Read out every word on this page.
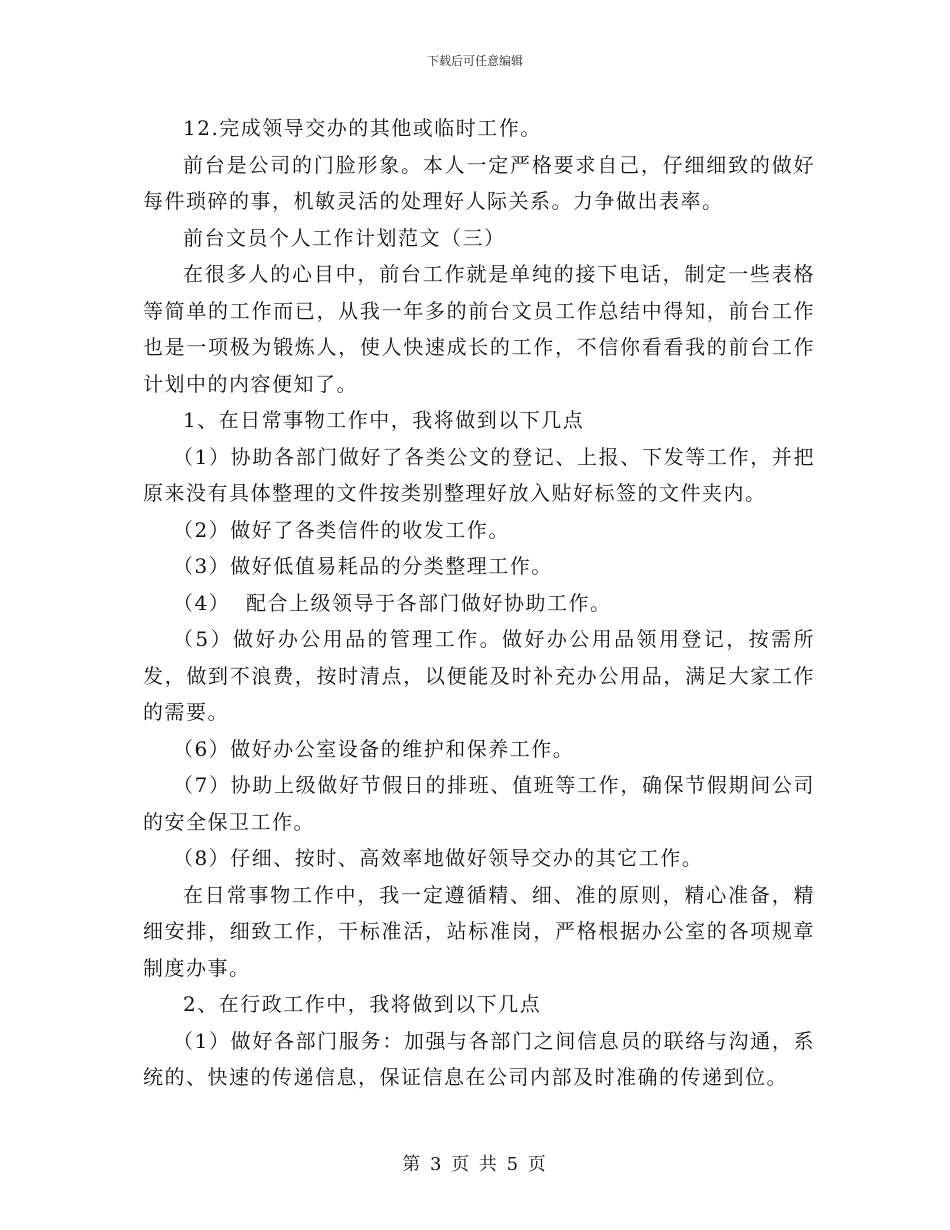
下载后可任意编辑

12.完成领导交办的其他或临时工作。

前台是公司的门脸形象。本人一定严格要求自己，仔细细致的做好每件琐碎的事，机敏灵活的处理好人际关系。力争做出表率。

前台文员个人工作计划范文（三）

在很多人的心目中，前台工作就是单纯的接下电话，制定一些表格等简单的工作而已，从我一年多的前台文员工作总结中得知，前台工作也是一项极为锻炼人，使人快速成长的工作，不信你看看我的前台工作计划中的内容便知了。

1、在日常事物工作中，我将做到以下几点

（1）协助各部门做好了各类公文的登记、上报、下发等工作，并把原来没有具体整理的文件按类别整理好放入贴好标签的文件夹内。

（2）做好了各类信件的收发工作。

（3）做好低值易耗品的分类整理工作。

（4）  配合上级领导于各部门做好协助工作。

（5）做好办公用品的管理工作。做好办公用品领用登记，按需所发，做到不浪费，按时清点，以便能及时补充办公用品，满足大家工作的需要。

（6）做好办公室设备的维护和保养工作。

（7）协助上级做好节假日的排班、值班等工作，确保节假期间公司的安全保卫工作。

（8）仔细、按时、高效率地做好领导交办的其它工作。

在日常事物工作中，我一定遵循精、细、准的原则，精心准备，精细安排，细致工作，干标准活，站标准岗，严格根据办公室的各项规章制度办事。

2、在行政工作中，我将做到以下几点

（1）做好各部门服务：加强与各部门之间信息员的联络与沟通，系统的、快速的传递信息，保证信息在公司内部及时准确的传递到位。

第 3 页 共 5 页
